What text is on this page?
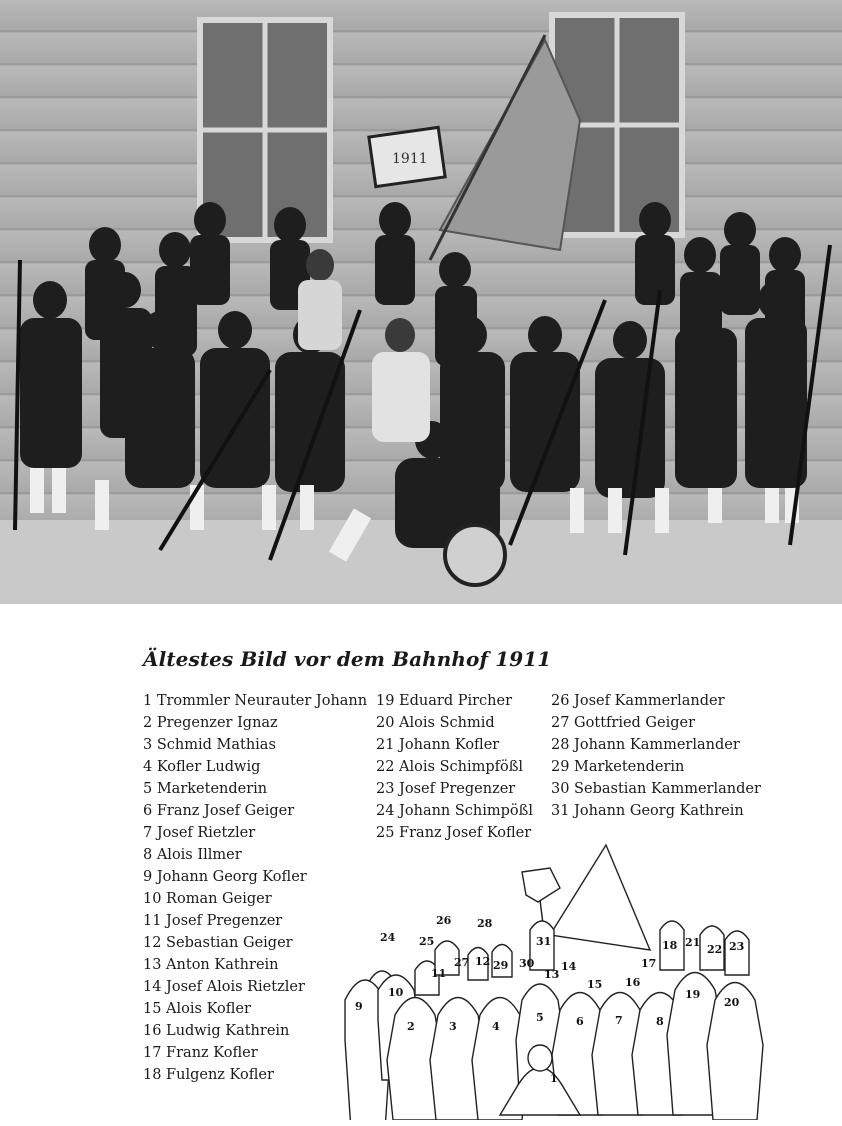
1911
Ältestes Bild vor dem Bahnhof 1911
1 Trommler Neurauter Johann
2 Pregenzer Ignaz
3 Schmid Mathias
4 Kofler Ludwig
5 Marketenderin
6 Franz Josef Geiger
7 Josef Rietzler
8 Alois Illmer
9 Johann Georg Kofler
10 Roman Geiger
11 Josef Pregenzer
12 Sebastian Geiger
13 Anton Kathrein
14 Josef Alois Rietzler
15 Alois Kofler
16 Ludwig Kathrein
17 Franz Kofler
18 Fulgenz Kofler
19 Eduard Pircher
20 Alois Schmid
21 Johann Kofler
22 Alois Schimpfößl
23 Josef Pregenzer
24 Johann Schimpößl
25 Franz Josef Kofler
26 Josef Kammerlander
27 Gottfried Geiger
28 Johann Kammerlander
29 Marketenderin
30 Sebastian Kammerlander
31 Johann Georg Kathrein
1
2	3	4
5	6	7	8
9
10
11
12
13
14
15 16
17
18
19
20
21
22 23
24 25
26
27
28
29 30
31
